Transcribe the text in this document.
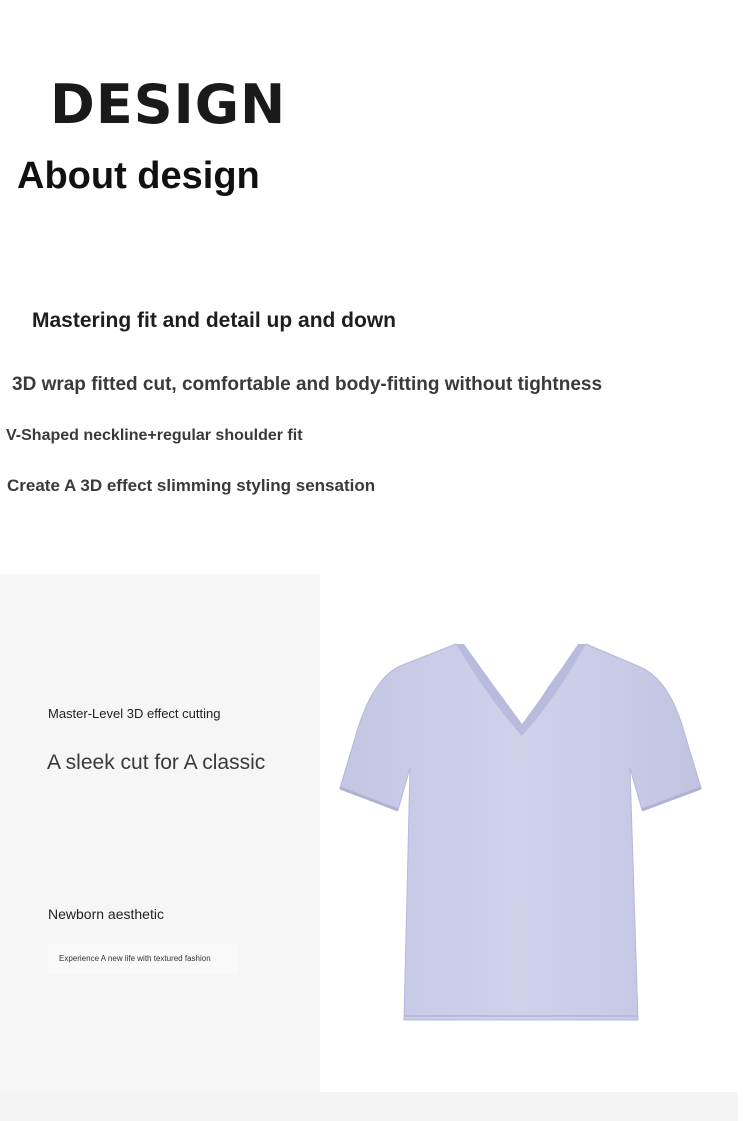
DESIGN
About design
Mastering fit and detail up and down
3D wrap fitted cut, comfortable and body-fitting without tightness
V-Shaped neckline+regular shoulder fit
Create A 3D effect slimming styling sensation
Master-Level 3D effect cutting
A sleek cut for A classic
Newborn aesthetic
Experience A new life with textured fashion
